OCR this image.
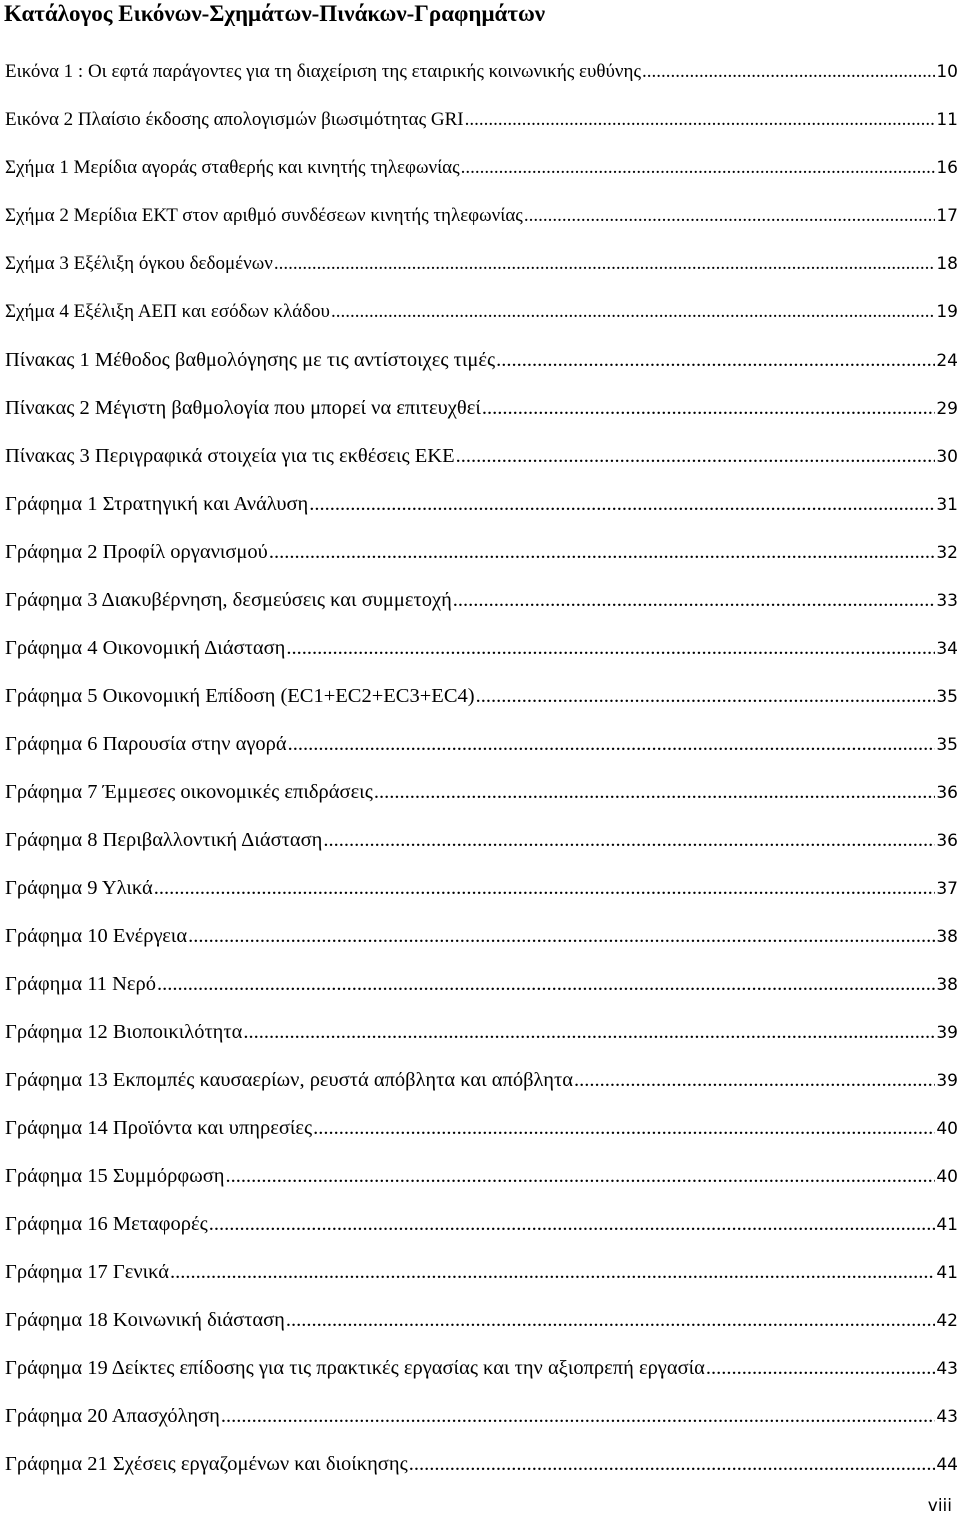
Κατάλογος Εικόνων-Σχημάτων-Πινάκων-Γραφημάτων
Εικόνα 1 : Οι εφτά παράγοντες για τη διαχείριση της εταιρικής κοινωνικής ευθύνης .....	10
Εικόνα 2 Πλαίσιο έκδοσης απολογισμών βιωσιμότητας GRI .....	11
Σχήμα 1 Μερίδια αγοράς σταθερής και κινητής τηλεφωνίας .....	16
Σχήμα 2 Μερίδια ΕΚΤ στον αριθμό συνδέσεων κινητής τηλεφωνίας .....	17
Σχήμα 3 Εξέλιξη όγκου δεδομένων .....	18
Σχήμα 4 Εξέλιξη ΑΕΠ και εσόδων κλάδου .....	19
Πίνακας 1 Μέθοδος βαθμολόγησης με τις αντίστοιχες τιμές .....	24
Πίνακας 2 Μέγιστη βαθμολογία που μπορεί να επιτευχθεί .....	29
Πίνακας 3 Περιγραφικά στοιχεία για τις εκθέσεις ΕΚΕ .....	30
Γράφημα 1 Στρατηγική και Ανάλυση .....	31
Γράφημα 2 Προφίλ οργανισμού .....	32
Γράφημα 3 Διακυβέρνηση, δεσμεύσεις και συμμετοχή .....	33
Γράφημα 4 Οικονομική Διάσταση .....	34
Γράφημα 5 Οικονομική Επίδοση (EC1+EC2+EC3+EC4) .....	35
Γράφημα 6 Παρουσία στην αγορά .....	35
Γράφημα 7 Έμμεσες οικονομικές επιδράσεις .....	36
Γράφημα 8 Περιβαλλοντική Διάσταση .....	36
Γράφημα 9 Υλικά .....	37
Γράφημα 10 Ενέργεια .....	38
Γράφημα 11 Νερό .....	38
Γράφημα 12 Βιοποικιλότητα .....	39
Γράφημα 13 Εκπομπές καυσαερίων, ρευστά απόβλητα και απόβλητα .....	39
Γράφημα 14 Προϊόντα και υπηρεσίες .....	40
Γράφημα 15 Συμμόρφωση .....	40
Γράφημα 16 Μεταφορές .....	41
Γράφημα 17 Γενικά .....	41
Γράφημα 18 Κοινωνική διάσταση .....	42
Γράφημα 19 Δείκτες επίδοσης για τις πρακτικές εργασίας και την αξιοπρεπή εργασία .....	43
Γράφημα 20 Απασχόληση .....	43
Γράφημα 21 Σχέσεις εργαζομένων και διοίκησης .....	44
viii
